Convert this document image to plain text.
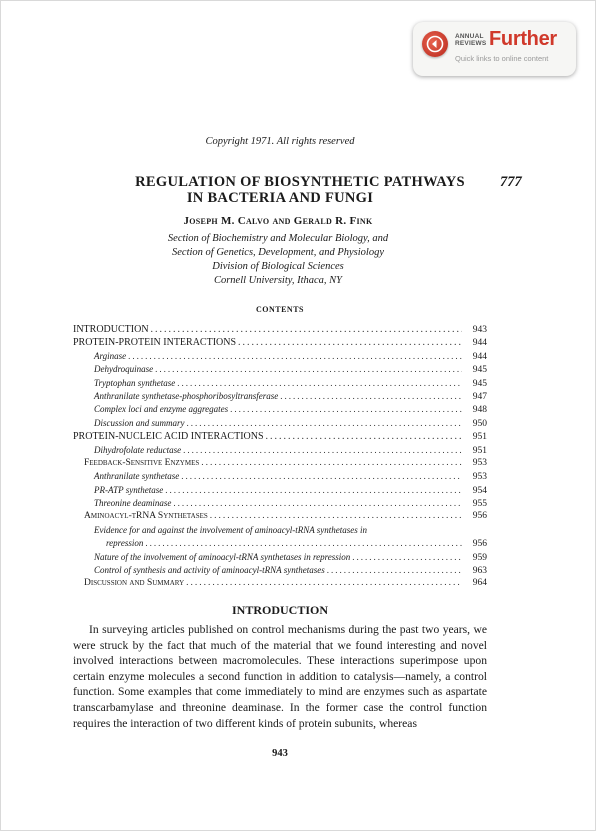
ANNUAL
REVIEWS Further
Quick links to online content
Copyright 1971. All rights reserved
REGULATION OF BIOSYNTHETIC PATHWAYS
IN BACTERIA AND FUNGI
777
Joseph M. Calvo and Gerald R. Fink
Section of Biochemistry and Molecular Biology, and
Section of Genetics, Development, and Physiology
Division of Biological Sciences
Cornell University, Ithaca, NY
CONTENTS
INTRODUCTION .....	943
PROTEIN-PROTEIN INTERACTIONS .....	944
Arginase .....	944
Dehydroquinase .....	945
Tryptophan synthetase .....	945
Anthranilate synthetase-phosphoribosyltransferase .....	947
Complex loci and enzyme aggregates .....	948
Discussion and summary .....	950
PROTEIN-NUCLEIC ACID INTERACTIONS .....	951
Dihydrofolate reductase .....	951
Feedback-Sensitive Enzymes .....	953
Anthranilate synthetase .....	953
PR-ATP synthetase .....	954
Threonine deaminase .....	955
Aminoacyl-tRNA Synthetases .....	956
Evidence for and against the involvement of aminoacyl-tRNA synthetases in
repression .....	956
Nature of the involvement of aminoacyl-tRNA synthetases in repression .....	959
Control of synthesis and activity of aminoacyl-tRNA synthetases .....	963
Discussion and Summary .....	964
INTRODUCTION
In surveying articles published on control mechanisms during the past two years, we were struck by the fact that much of the material that we found interesting and novel involved interactions between macromolecules. These interactions superimpose upon certain enzyme molecules a second function in addition to catalysis—namely, a control function. Some examples that come immediately to mind are enzymes such as aspartate transcarbamylase and threonine deaminase. In the former case the control function requires the interaction of two different kinds of protein subunits, whereas
943
